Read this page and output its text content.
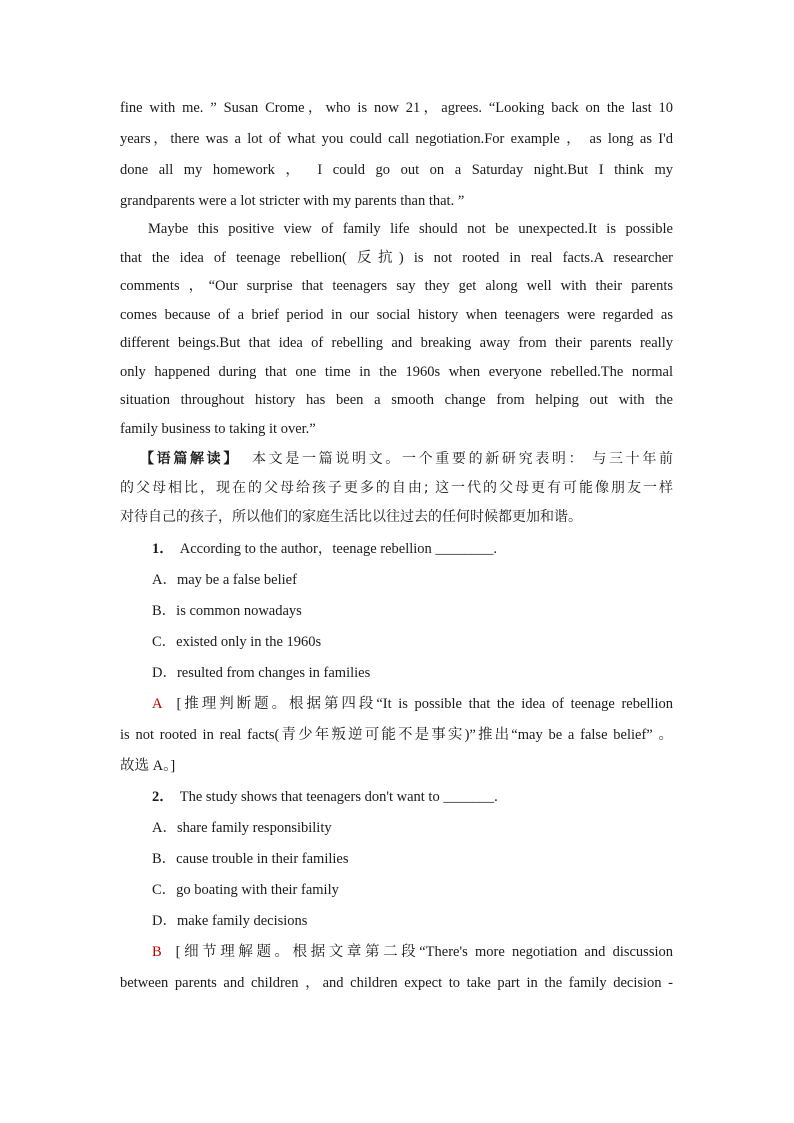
fine with me. ” Susan Crome，who is now 21，agrees. “Looking back on the last 10
years，there was a lot of what you could call negotiation.For example ， as long as I'd
done all my homework ， I could go out on a Saturday night.But I think my
grandparents were a lot stricter with my parents than that. ”
Maybe this positive view of family life should not be unexpected.It is possible
that the idea of teenage rebellion( 反抗) is not rooted in real facts.A researcher
comments ，“Our surprise that teenagers say they get along well with their parents
comes because of a brief period in our social history when teenagers were regarded as
different beings.But that idea of rebelling and breaking away from their parents really
only happened during that one time in the 1960s when everyone rebelled.The normal
situation throughout history has been a smooth change from helping out with the
family business to taking it over.”
【语篇解读】 本文是一篇说明文。一个重要的新研究表明： 与三十年前
的父母相比，现在的父母给孩子更多的自由; 这一代的父母更有可能像朋友一样
对待自己的孩子，所以他们的家庭生活比以往过去的任何时候都更加和谐。
1． According to the author，teenage rebellion ________.
A．may be a false belief
B．is common nowadays
C．existed only in the 1960s
D．resulted from changes in families
A [推理判断题。根据第四段“It is possible that the idea of teenage rebellion
is not rooted in real facts(青少年叛逆可能不是事实)”推出“may be a false belief” 。
故选 A。]
2． The study shows that teenagers don't want to _______.
A．share family responsibility
B．cause trouble in their families
C．go boating with their family
D．make family decisions
B [细节理解题。根据文章第二段“There's more negotiation and discussion
between parents and children ，and children expect to take part in the family decision -
